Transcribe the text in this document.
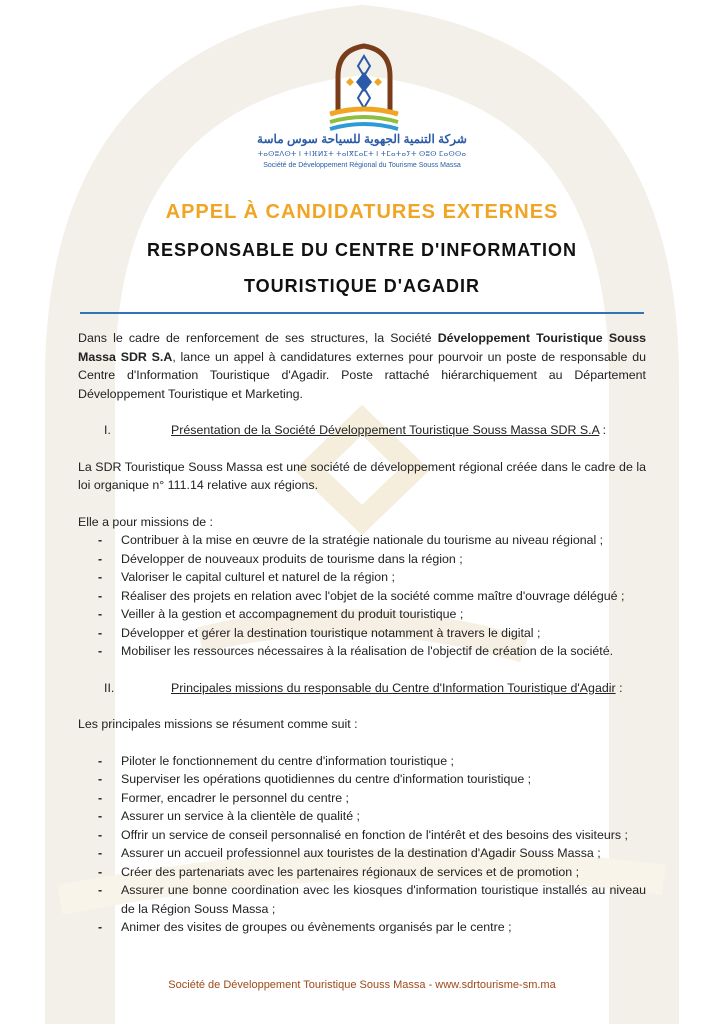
شركة التنمية الجهوية للسياحة سوس ماسة
ⵜⴰⵙⵓⴷⵙⵜ ⵏ ⵜⵏⴼⵍⵉⵜ ⵜⴰⵏⴳⵎⴰⵎⵜ ⵏ ⵜⵎⴰⵜⴰⵢⵜ ⵙⵓⵙ ⵎⴰⵙⵙⴰ
Société de Développement Régional du Tourisme Souss Massa
APPEL À CANDIDATURES EXTERNES
RESPONSABLE DU CENTRE D'INFORMATION
TOURISTIQUE D'AGADIR

Dans le cadre de renforcement de ses structures, la Société Développement Touristique Souss Massa SDR S.A, lance un appel à candidatures externes pour pourvoir un poste de responsable du Centre d'Information Touristique d'Agadir. Poste rattaché hiérarchiquement au Département Développement Touristique et Marketing.

I.	Présentation de la Société Développement Touristique Souss Massa SDR S.A :

La SDR Touristique Souss Massa est une société de développement régional créée dans le cadre de la loi organique n° 111.14 relative aux régions.

Elle a pour missions de :

- Contribuer à la mise en œuvre de la stratégie nationale du tourisme au niveau régional ;
- Développer de nouveaux produits de tourisme dans la région ;
- Valoriser le capital culturel et naturel de la région ;
- Réaliser des projets en relation avec l'objet de la société comme maître d'ouvrage délégué ;
- Veiller à la gestion et accompagnement du produit touristique ;
- Développer et gérer la destination touristique notamment à travers le digital ;
- Mobiliser les ressources nécessaires à la réalisation de l'objectif de création de la société.
II.	Principales missions du responsable du Centre d'Information Touristique d'Agadir :

Les principales missions se résument comme suit :

- Piloter le fonctionnement du centre d'information touristique ;
- Superviser les opérations quotidiennes du centre d'information touristique ;
- Former, encadrer le personnel du centre ;
- Assurer un service à la clientèle de qualité ;
- Offrir un service de conseil personnalisé en fonction de l'intérêt et des besoins des visiteurs ;
- Assurer un accueil professionnel aux touristes de la destination d'Agadir Souss Massa ;
- Créer des partenariats avec les partenaires régionaux de services et de promotion ;
- Assurer une bonne coordination avec les kiosques d'information touristique installés au niveau de la Région Souss Massa ;
- Animer des visites de groupes ou évènements organisés par le centre ;
Société de Développement Touristique Souss Massa - www.sdrtourisme-sm.ma
